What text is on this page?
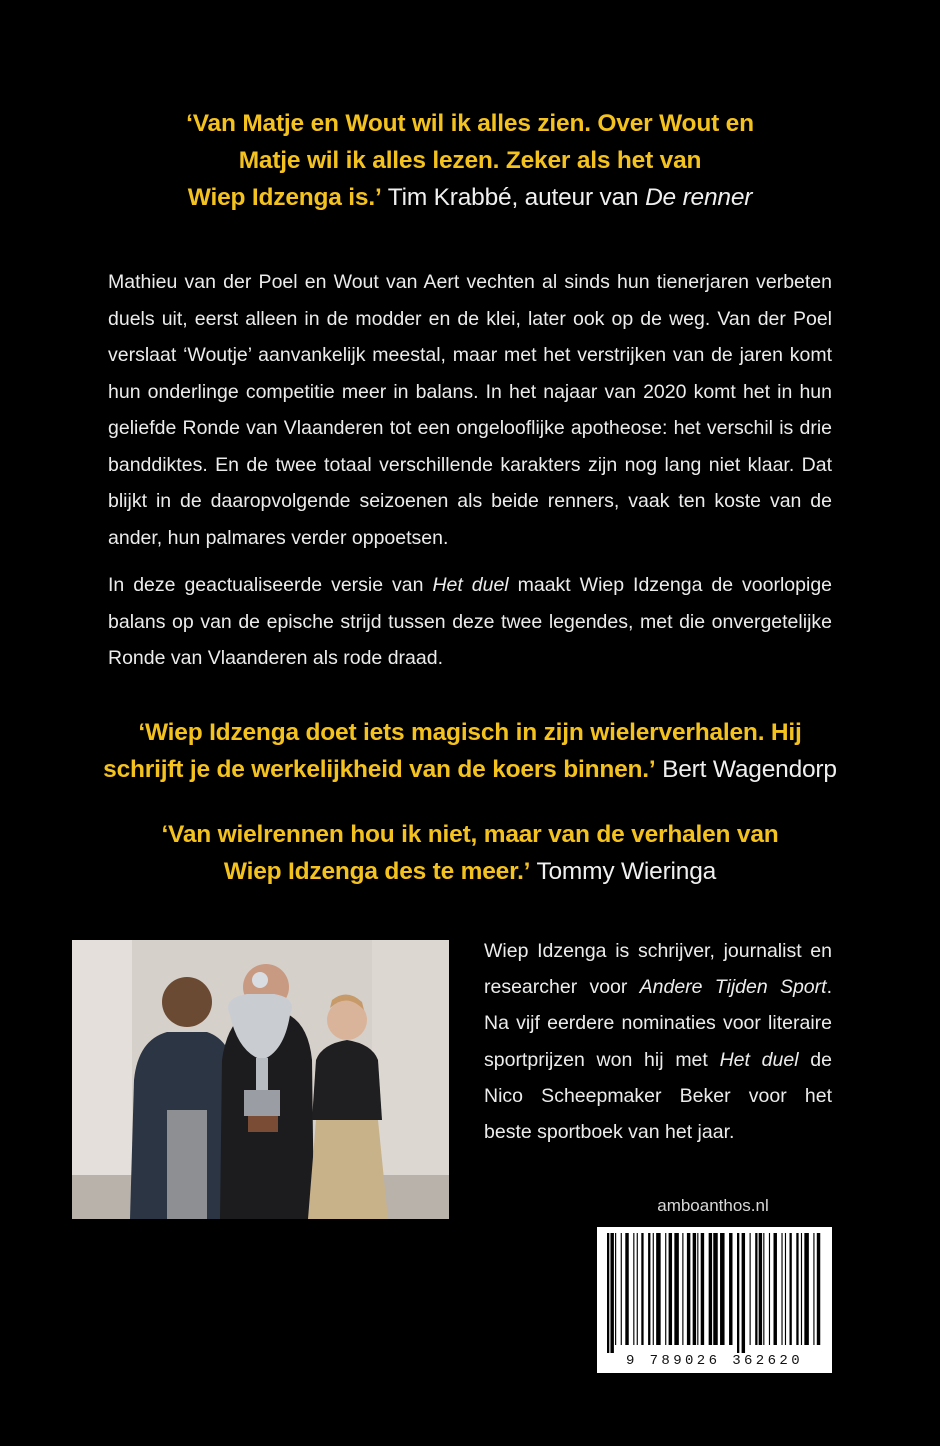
‘Van Matje en Wout wil ik alles zien. Over Wout en
Matje wil ik alles lezen. Zeker als het van
Wiep Idzenga is.’ Tim Krabbé, auteur van De renner

Mathieu van der Poel en Wout van Aert vechten al sinds hun tienerjaren verbeten duels uit, eerst alleen in de modder en de klei, later ook op de weg. Van der Poel verslaat ‘Woutje’ aanvankelijk meestal, maar met het verstrijken van de jaren komt hun onderlinge competitie meer in balans. In het najaar van 2020 komt het in hun geliefde Ronde van Vlaanderen tot een ongelooflijke apotheose: het verschil is drie banddiktes. En de twee totaal verschillende karakters zijn nog lang niet klaar. Dat blijkt in de daaropvolgende seizoenen als beide renners, vaak ten koste van de ander, hun palmares verder oppoetsen.

In deze geactualiseerde versie van Het duel maakt Wiep Idzenga de voorlopige balans op van de epische strijd tussen deze twee legendes, met die onvergetelijke Ronde van Vlaanderen als rode draad.

‘Wiep Idzenga doet iets magisch in zijn wielerverhalen. Hij
schrijft je de werkelijkheid van de koers binnen.’ Bert Wagendorp
‘Van wielrennen hou ik niet, maar van de verhalen van
Wiep Idzenga des te meer.’ Tommy Wieringa

Wiep Idzenga is schrijver, journalist en researcher voor Andere Tijden Sport. Na vijf eerdere nominaties voor literaire sportprijzen won hij met Het duel de Nico Scheepmaker Beker voor het beste sportboek van het jaar.

amboanthos.nl
9 789026 362620
